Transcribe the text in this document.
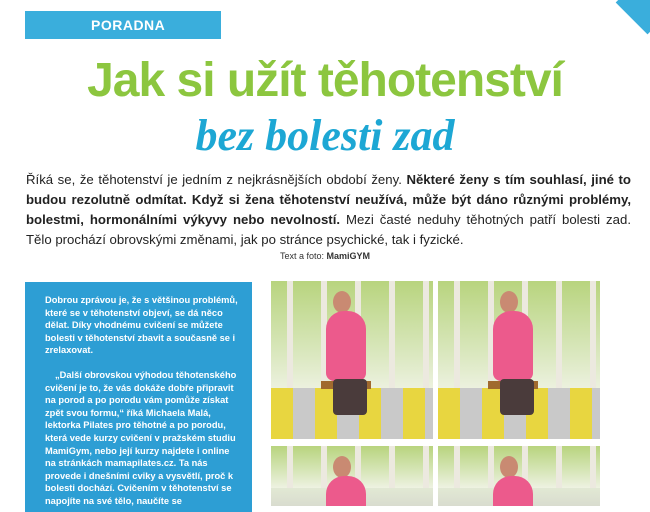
PORADNA
Jak si užít těhotenství
bez bolesti zad
Říká se, že těhotenství je jedním z nejkrásnějších období ženy. Některé ženy s tím souhlasí, jiné to budou rezolutně odmítat. Když si žena těhotenství neužívá, může být dáno různými problémy, bolestmi, hormonálními výkyvy nebo nevolností. Mezi časté neduhy těhotných patří bolesti zad. Tělo prochází obrovskými změnami, jak po stránce psychické, tak i fyzické.
Text a foto: MamiGYM

Dobrou zprávou je, že s většinou problémů, které se v těhotenství objeví, se dá něco dělat. Díky vhodnému cvičení se můžete bolesti v těhotenství zbavit a současně se i zrelaxovat.

„Další obrovskou výhodou těhotenského cvičení je to, že vás dokáže dobře připravit na porod a po porodu vám pomůže získat zpět svou formu,“ říká Michaela Malá, lektorka Pilates pro těhotné a po porodu, která vede kurzy cvičení v pražském studiu MamiGym, nebo její kurzy najdete i online na stránkách mamapilates.cz. Ta nás provede i dnešními cviky a vysvětlí, proč k bolesti dochází. Cvičením v těhotenství se napojíte na své tělo, naučíte se
